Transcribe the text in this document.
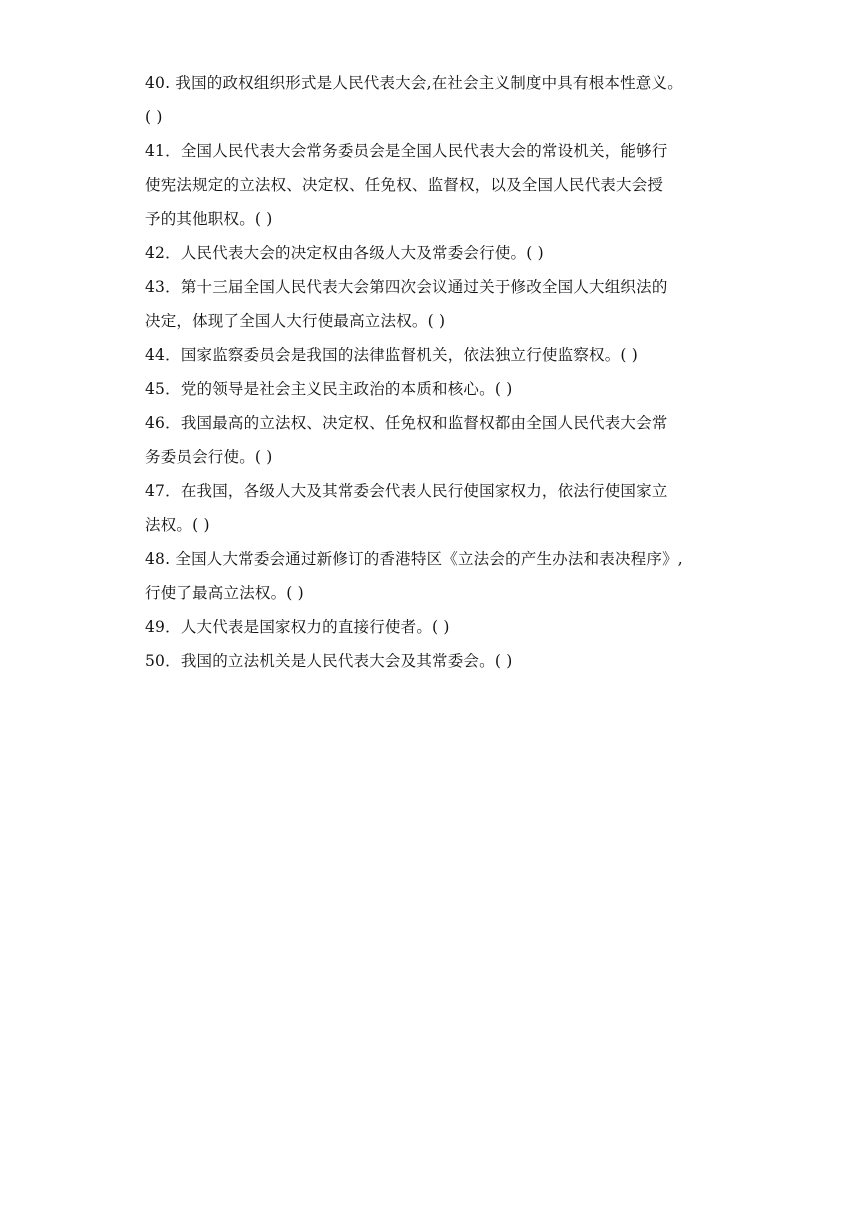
40. 我国的政权组织形式是人民代表大会,在社会主义制度中具有根本性意义。
( )
41．全国人民代表大会常务委员会是全国人民代表大会的常设机关，能够行
使宪法规定的立法权、决定权、任免权、监督权，以及全国人民代表大会授
予的其他职权。( )
42．人民代表大会的决定权由各级人大及常委会行使。( )
43．第十三届全国人民代表大会第四次会议通过关于修改全国人大组织法的
决定，体现了全国人大行使最高立法权。( )
44．国家监察委员会是我国的法律监督机关，依法独立行使监察权。( )
45．党的领导是社会主义民主政治的本质和核心。( )
46．我国最高的立法权、决定权、任免权和监督权都由全国人民代表大会常
务委员会行使。( )
47．在我国，各级人大及其常委会代表人民行使国家权力，依法行使国家立
法权。( )
48. 全国人大常委会通过新修订的香港特区《立法会的产生办法和表决程序》,
行使了最高立法权。( )
49．人大代表是国家权力的直接行使者。( )
50．我国的立法机关是人民代表大会及其常委会。( )
